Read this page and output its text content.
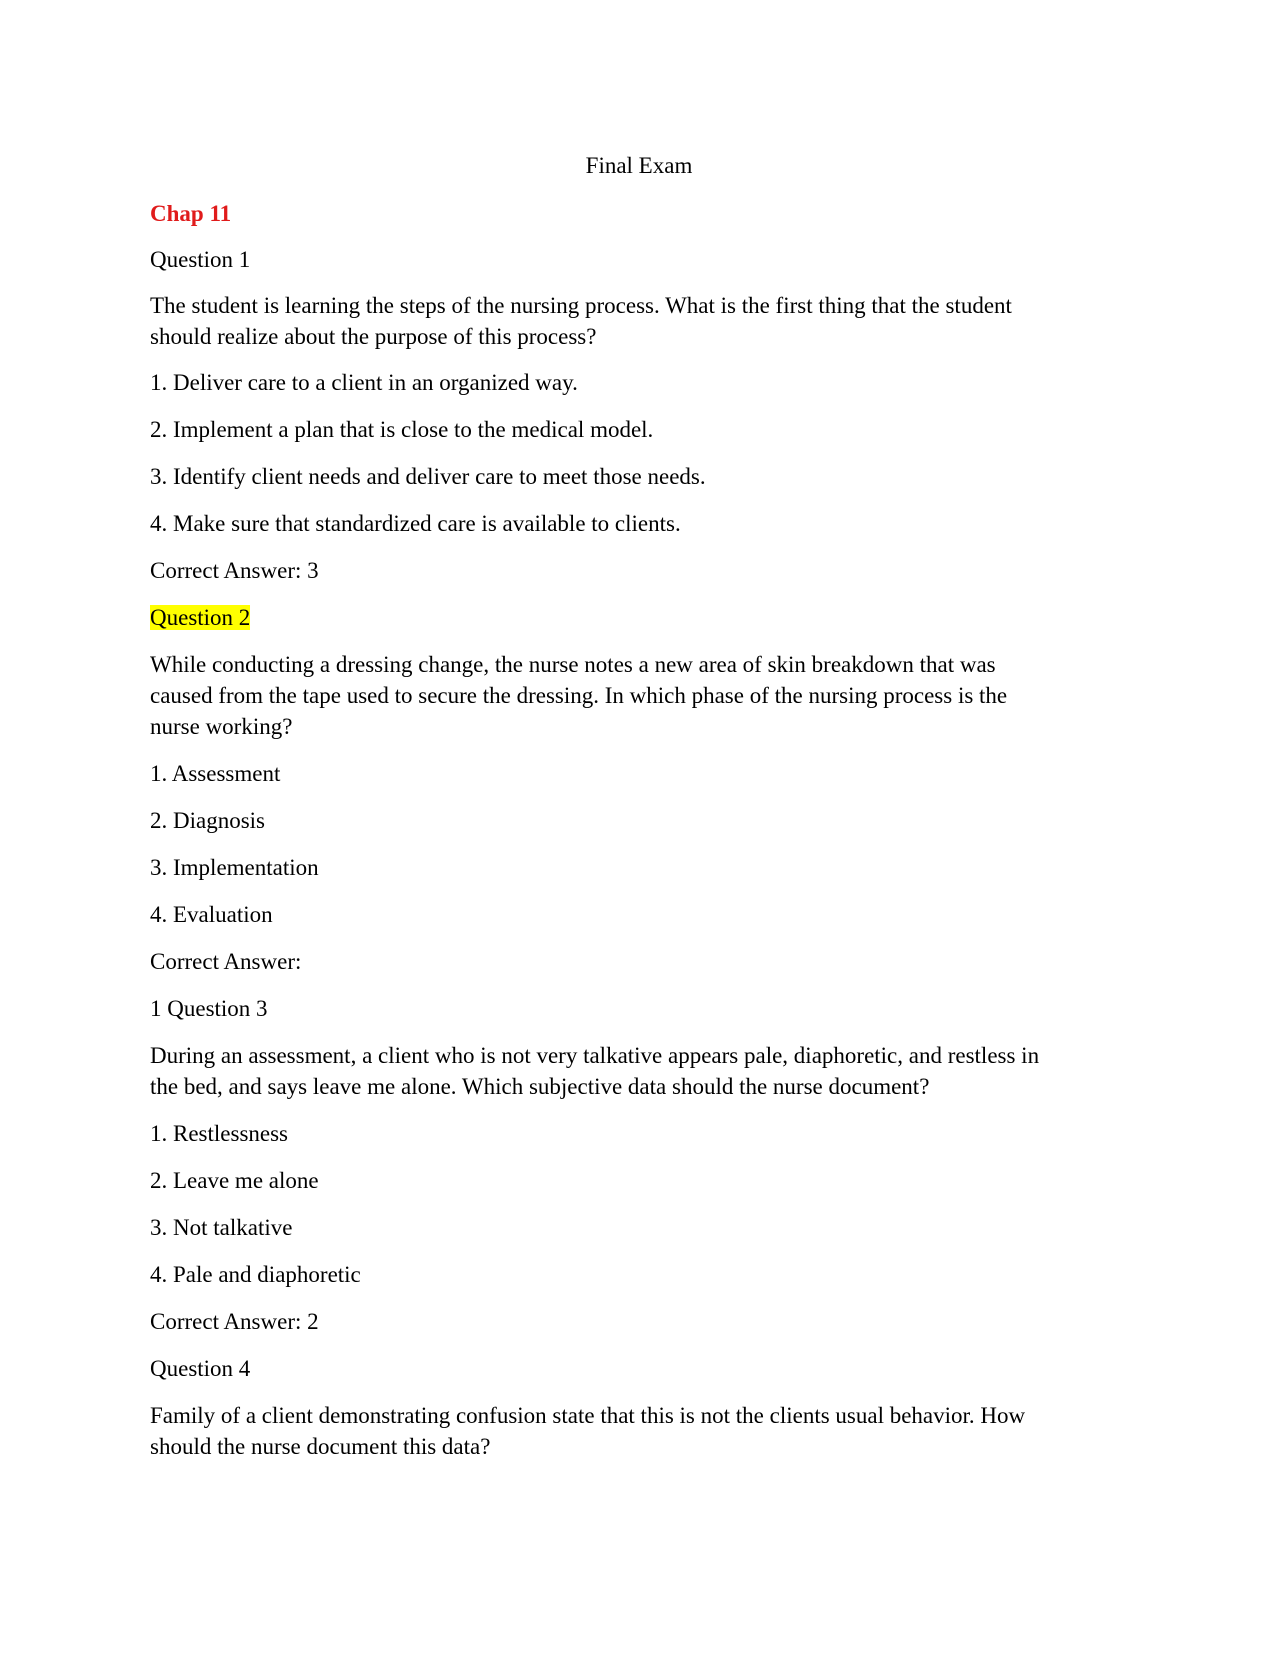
Final Exam
Chap 11

Question 1

The student is learning the steps of the nursing process. What is the first thing that the student

should realize about the purpose of this process?

1. Deliver care to a client in an organized way.

2. Implement a plan that is close to the medical model.

3. Identify client needs and deliver care to meet those needs.

4. Make sure that standardized care is available to clients.

Correct Answer: 3

Question 2

While conducting a dressing change, the nurse notes a new area of skin breakdown that was

caused from the tape used to secure the dressing. In which phase of the nursing process is the

nurse working?

1. Assessment

2. Diagnosis

3. Implementation

4. Evaluation

Correct Answer:

1 Question 3

During an assessment, a client who is not very talkative appears pale, diaphoretic, and restless in

the bed, and says leave me alone. Which subjective data should the nurse document?

1. Restlessness

2. Leave me alone

3. Not talkative

4. Pale and diaphoretic

Correct Answer: 2

Question 4

Family of a client demonstrating confusion state that this is not the clients usual behavior. How

should the nurse document this data?
